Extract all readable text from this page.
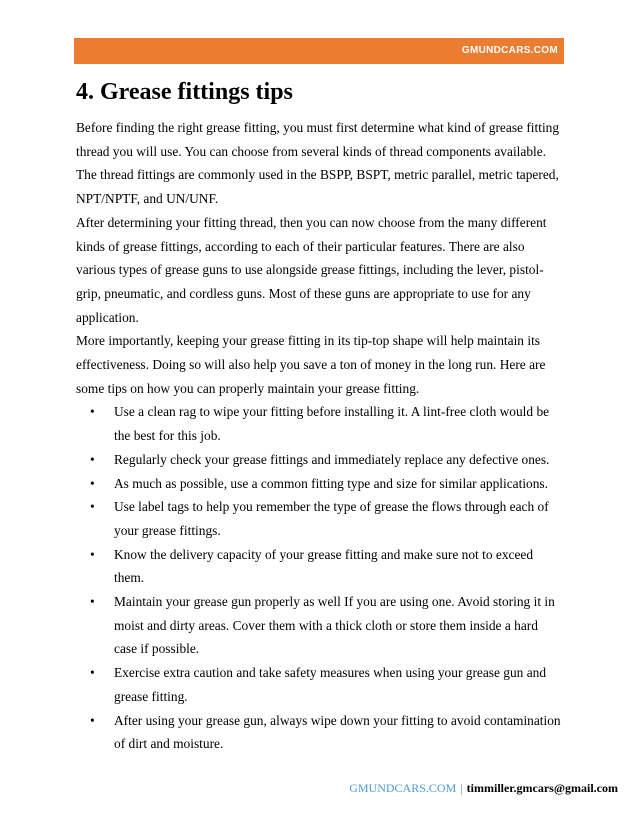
GMUNDCARS.COM
4. Grease fittings tips

Before finding the right grease fitting, you must first determine what kind of grease fitting thread you will use. You can choose from several kinds of thread components available. The thread fittings are commonly used in the BSPP, BSPT, metric parallel, metric tapered, NPT/NPTF, and UN/UNF.

After determining your fitting thread, then you can now choose from the many different kinds of grease fittings, according to each of their particular features. There are also various types of grease guns to use alongside grease fittings, including the lever, pistol-grip, pneumatic, and cordless guns. Most of these guns are appropriate to use for any application.

More importantly, keeping your grease fitting in its tip-top shape will help maintain its effectiveness. Doing so will also help you save a ton of money in the long run. Here are some tips on how you can properly maintain your grease fitting.

• Use a clean rag to wipe your fitting before installing it. A lint-free cloth would be the best for this job.
• Regularly check your grease fittings and immediately replace any defective ones.
• As much as possible, use a common fitting type and size for similar applications.
• Use label tags to help you remember the type of grease the flows through each of your grease fittings.
• Know the delivery capacity of your grease fitting and make sure not to exceed them.
• Maintain your grease gun properly as well If you are using one. Avoid storing it in moist and dirty areas. Cover them with a thick cloth or store them inside a hard case if possible.
• Exercise extra caution and take safety measures when using your grease gun and grease fitting.
• After using your grease gun, always wipe down your fitting to avoid contamination of dirt and moisture.
GMUNDCARS.COM | timmiller.gmcars@gmail.com
